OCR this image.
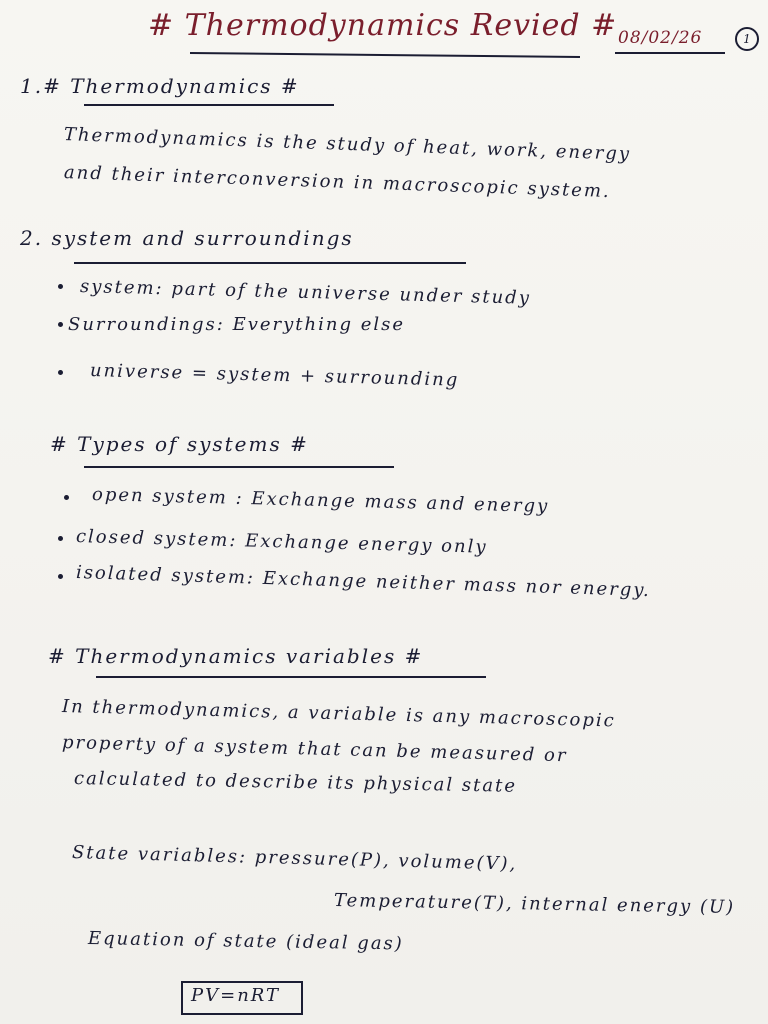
# Thermodynamics Revied # 08/02/26	1
1.# Thermodynamics #
Thermodynamics is the study of heat, work, energy
and their interconversion in macroscopic system.
2. system and surroundings
system: part of the universe under study
Surroundings: Everything else
universe = system + surrounding
# Types of systems #
open system : Exchange mass and energy
closed system: Exchange energy only
isolated system: Exchange neither mass nor energy.
# Thermodynamics variables #
In thermodynamics, a variable is any macroscopic
property of a system that can be measured or
calculated to describe its physical state
State variables: pressure(P), volume(V),
Temperature(T), internal energy (U)
Equation of state (ideal gas)
PV=nRT
